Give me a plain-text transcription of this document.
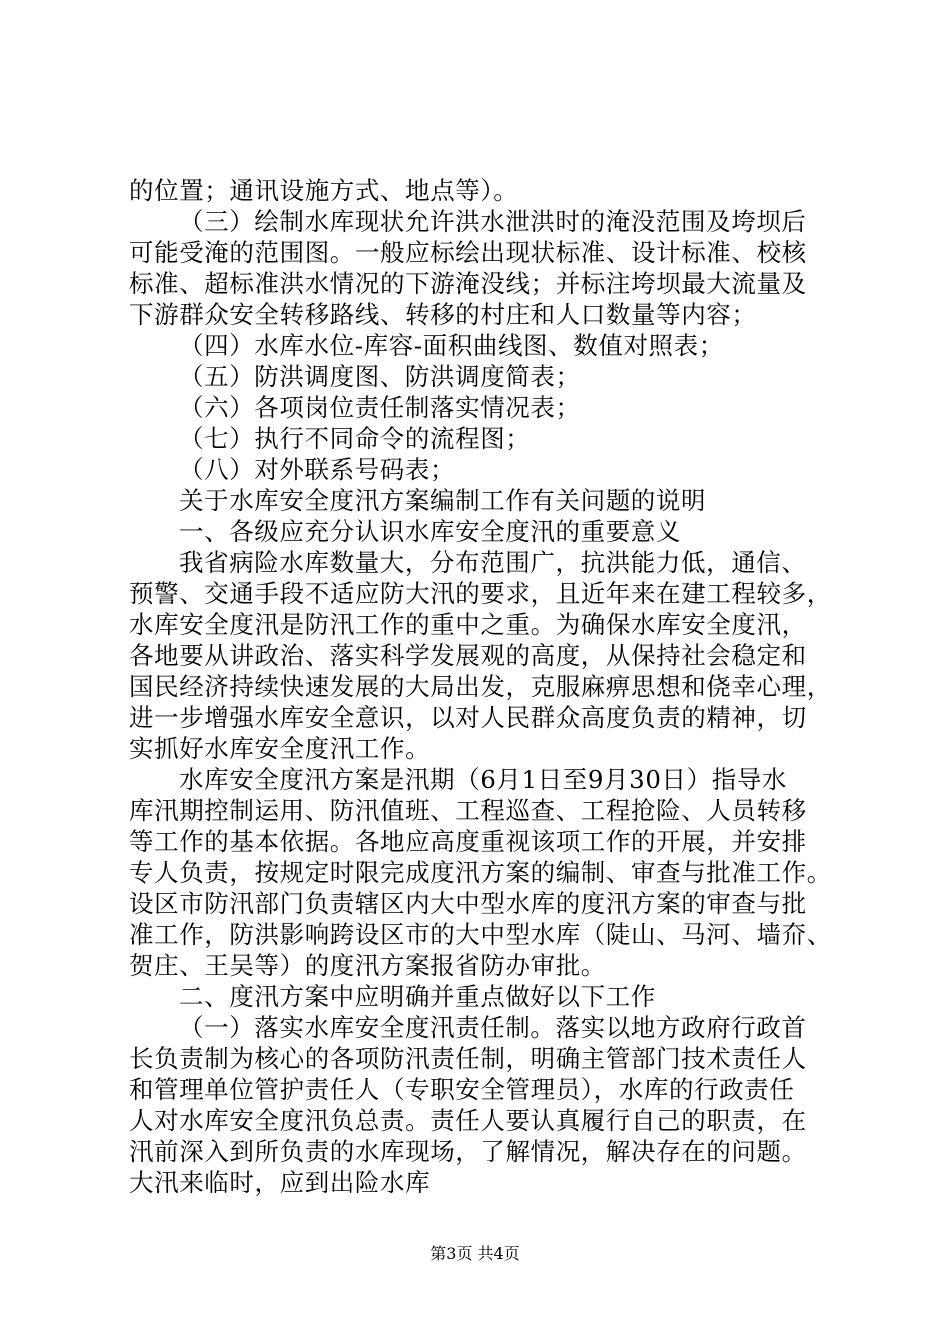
的位置；通讯设施方式、地点等）。
（三）绘制水库现状允许洪水泄洪时的淹没范围及垮坝后
可能受淹的范围图。一般应标绘出现状标准、设计标准、校核
标准、超标准洪水情况的下游淹没线；并标注垮坝最大流量及
下游群众安全转移路线、转移的村庄和人口数量等内容；
（四）水库水位-库容-面积曲线图、数值对照表；
（五）防洪调度图、防洪调度简表；
（六）各项岗位责任制落实情况表；
（七）执行不同命令的流程图；
（八）对外联系号码表；
关于水库安全度汛方案编制工作有关问题的说明
一、各级应充分认识水库安全度汛的重要意义
我省病险水库数量大，分布范围广，抗洪能力低，通信、
预警、交通手段不适应防大汛的要求，且近年来在建工程较多，
水库安全度汛是防汛工作的重中之重。为确保水库安全度汛，
各地要从讲政治、落实科学发展观的高度，从保持社会稳定和
国民经济持续快速发展的大局出发，克服麻痹思想和侥幸心理，
进一步增强水库安全意识，以对人民群众高度负责的精神，切
实抓好水库安全度汛工作。
水库安全度汛方案是汛期（6月1日至9月30日）指导水
库汛期控制运用、防汛值班、工程巡查、工程抢险、人员转移
等工作的基本依据。各地应高度重视该项工作的开展，并安排
专人负责，按规定时限完成度汛方案的编制、审查与批准工作。
设区市防汛部门负责辖区内大中型水库的度汛方案的审查与批
准工作，防洪影响跨设区市的大中型水库（陡山、马河、墙夼、
贺庄、王吴等）的度汛方案报省防办审批。
二、度汛方案中应明确并重点做好以下工作
（一）落实水库安全度汛责任制。落实以地方政府行政首
长负责制为核心的各项防汛责任制，明确主管部门技术责任人
和管理单位管护责任人（专职安全管理员），水库的行政责任
人对水库安全度汛负总责。责任人要认真履行自己的职责，在
汛前深入到所负责的水库现场，了解情况，解决存在的问题。
大汛来临时，应到出险水库
第3页 共4页
